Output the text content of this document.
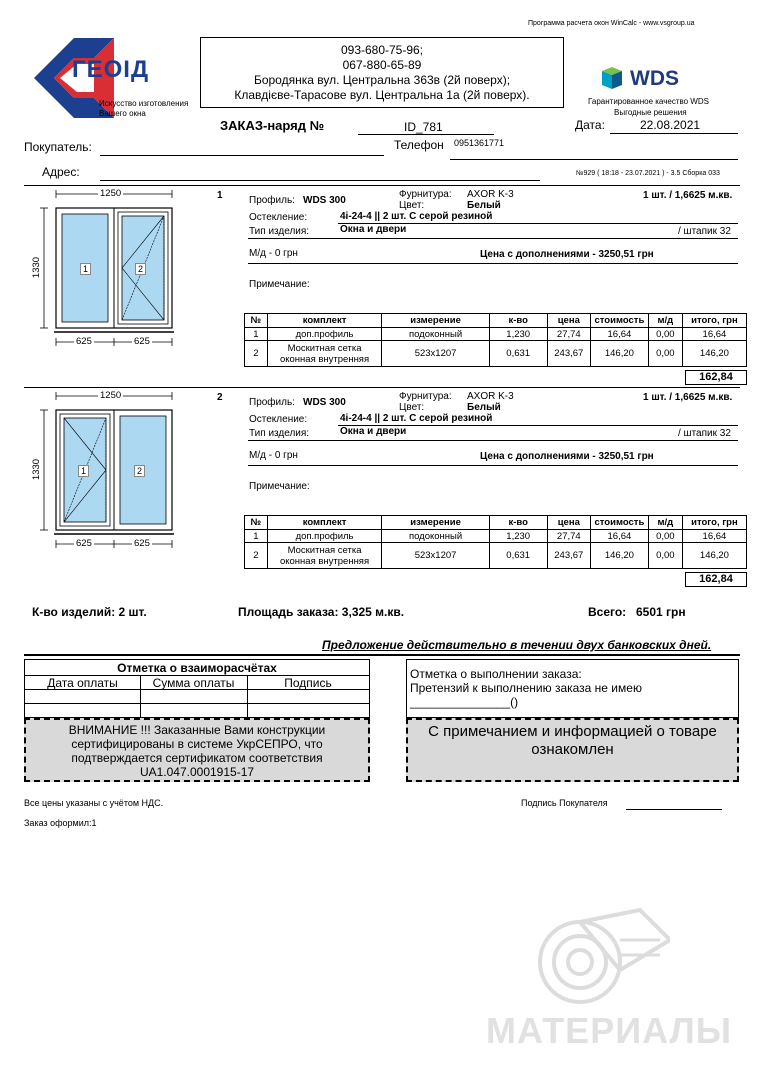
Программа расчета окон WinCalc - www.vsgroup.ua
ГЕОІД
Искусство изготовления
Вашего окна
093-680-75-96;
067-880-65-89
Бородянка вул. Центральна 363в (2й поверх);
Клавдієве-Тарасове вул. Центральна 1а (2й поверх).
WDS
Гарантированное качество WDS
Выгодные решения
ЗАКАЗ-наряд №	ID_781	Дата:	22.08.2021
Покупатель:	Телефон 0951361771
Адрес:	№929 ( 18:18 - 23.07.2021 ) - 3.5 Сборка 033
1250
1330
625	625
1	2
1	Профиль: WDS 300
Фурнитура: AXOR K-3
Цвет:	Белый
1 шт. / 1,6625 м.кв.
Остекление:	4i-24-4 || 2 шт. С серой резиной
Тип изделия:	Окна и двери	/ штапик 32
М/д - 0 грн	Цена с дополнениями - 3250,51 грн
Примечание:
№	комплект	измерение	к-во	цена	стоимость	м/д	итого, грн
1	доп.профиль	подоконный	1,230	27,74	16,64	0,00	16,64
2	Москитная сетка оконная внутренняя	523x1207	0,631	243,67	146,20	0,00	146,20
162,84
1250
1330
625	625
1	2
2	Профиль: WDS 300
Фурнитура: AXOR K-3
Цвет:	Белый
1 шт. / 1,6625 м.кв.
Остекление:	4i-24-4 || 2 шт. С серой резиной
Тип изделия:	Окна и двери	/ штапик 32
М/д - 0 грн	Цена с дополнениями - 3250,51 грн
Примечание:
№	комплект	измерение	к-во	цена	стоимость	м/д	итого, грн
1	доп.профиль	подоконный	1,230	27,74	16,64	0,00	16,64
2	Москитная сетка оконная внутренняя	523x1207	0,631	243,67	146,20	0,00	146,20
162,84
К-во изделий: 2 шт.	Площадь заказа: 3,325 м.кв.	Всего: 6501 грн
Предложение действительно в течении двух банковских дней.
Отметка о взаиморасчётах
Дата оплаты	Сумма оплаты	Подпись
Отметка о выполнении заказа:
Претензий к выполнению заказа не имею
_______________()
ВНИМАНИЕ !!! Заказанные Вами конструкции сертифицированы в системе УкрСЕПРО, что подтверждается сертификатом соответствия UA1.047.0001915-17
С примечанием и информацией о товаре ознакомлен
Все цены указаны с учётом НДС.	Подпись Покупателя
Заказ оформил:1
МАТЕРИАЛЫ
